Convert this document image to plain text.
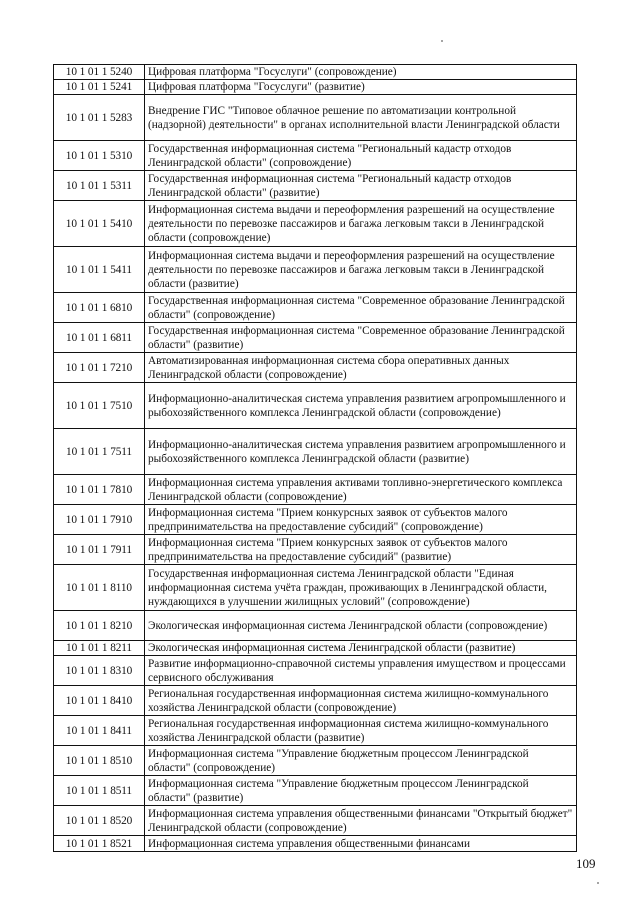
10 1 01 1 5240	Цифровая платформа "Госуслуги" (сопровождение)
10 1 01 1 5241	Цифровая платформа "Госуслуги" (развитие)
10 1 01 1 5283	Внедрение ГИС "Типовое облачное решение по автоматизации контрольной (надзорной) деятельности" в органах исполнительной власти Ленинградской области
10 1 01 1 5310	Государственная информационная система "Региональный кадастр отходов Ленинградской области" (сопровождение)
10 1 01 1 5311	Государственная информационная система "Региональный кадастр отходов Ленинградской области" (развитие)
10 1 01 1 5410	Информационная система выдачи и переоформления разрешений на осуществление деятельности по перевозке пассажиров и багажа легковым такси в Ленинградской области (сопровождение)
10 1 01 1 5411	Информационная система выдачи и переоформления разрешений на осуществление деятельности по перевозке пассажиров и багажа легковым такси в Ленинградской области (развитие)
10 1 01 1 6810	Государственная информационная система "Современное образование Ленинградской области" (сопровождение)
10 1 01 1 6811	Государственная информационная система "Современное образование Ленинградской области" (развитие)
10 1 01 1 7210	Автоматизированная информационная система сбора оперативных данных Ленинградской области (сопровождение)
10 1 01 1 7510	Информационно-аналитическая система управления развитием агропромышленного и рыбохозяйственного комплекса Ленинградской области (сопровождение)
10 1 01 1 7511	Информационно-аналитическая система управления развитием агропромышленного и рыбохозяйственного комплекса Ленинградской области (развитие)
10 1 01 1 7810	Информационная система управления активами топливно-энергетического комплекса Ленинградской области (сопровождение)
10 1 01 1 7910	Информационная система "Прием конкурсных заявок от субъектов малого предпринимательства на предоставление субсидий" (сопровождение)
10 1 01 1 7911	Информационная система "Прием конкурсных заявок от субъектов малого предпринимательства на предоставление субсидий" (развитие)
10 1 01 1 8110	Государственная информационная система Ленинградской области "Единая информационная система учёта граждан, проживающих в Ленинградской области, нуждающихся в улучшении жилищных условий" (сопровождение)
10 1 01 1 8210	Экологическая информационная система Ленинградской области (сопровождение)
10 1 01 1 8211	Экологическая информационная система Ленинградской области (развитие)
10 1 01 1 8310	Развитие информационно-справочной системы управления имуществом и процессами сервисного обслуживания
10 1 01 1 8410	Региональная государственная информационная система жилищно-коммунального хозяйства Ленинградской области (сопровождение)
10 1 01 1 8411	Региональная государственная информационная система жилищно-коммунального хозяйства Ленинградской области (развитие)
10 1 01 1 8510	Информационная система "Управление бюджетным процессом Ленинградской области" (сопровождение)
10 1 01 1 8511	Информационная система "Управление бюджетным процессом Ленинградской области" (развитие)
10 1 01 1 8520	Информационная система управления общественными финансами "Открытый бюджет" Ленинградской области (сопровождение)
10 1 01 1 8521	Информационная система управления общественными финансами
109
